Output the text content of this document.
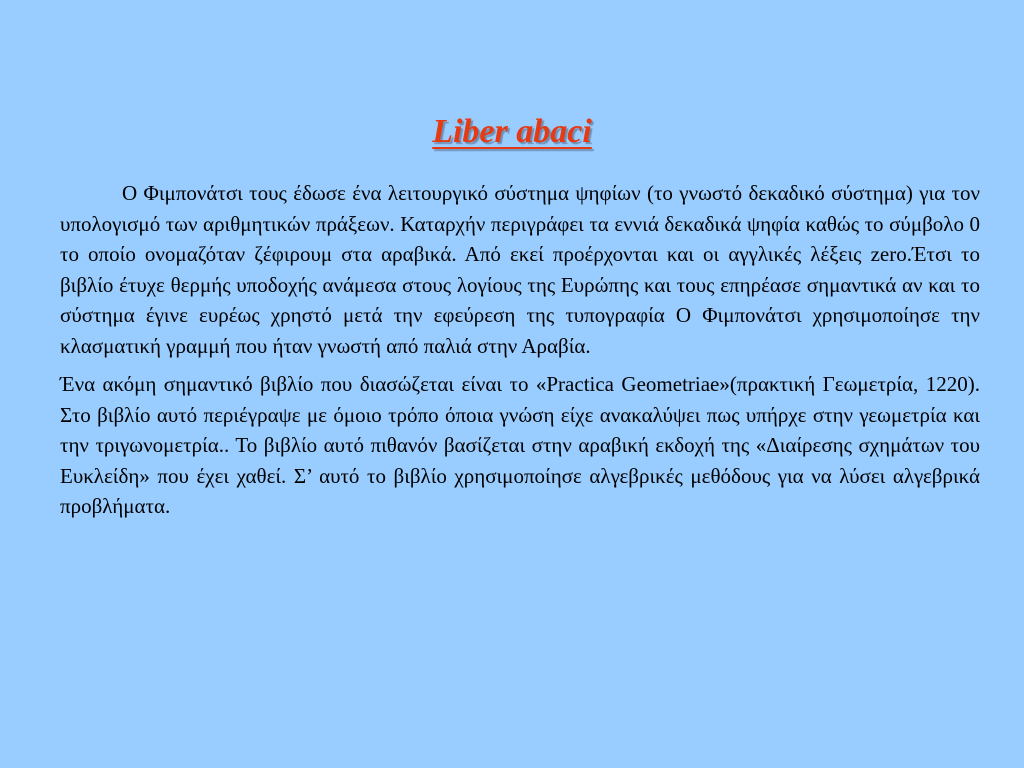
Liber abaci

Ο Φιμπονάτσι τους έδωσε ένα λειτουργικό σύστημα ψηφίων (το γνωστό δεκαδικό σύστημα) για τον υπολογισμό των αριθμητικών πράξεων. Καταρχήν περιγράφει τα εννιά δεκαδικά ψηφία καθώς το σύμβολο 0 το οποίο ονομαζόταν ζέφιρουμ στα αραβικά. Από εκεί προέρχονται και οι αγγλικές λέξεις zero.Έτσι το βιβλίο έτυχε θερμής υποδοχής ανάμεσα στους λογίους της Ευρώπης και τους επηρέασε σημαντικά αν και το σύστημα έγινε ευρέως χρηστό μετά την εφεύρεση της τυπογραφία Ο Φιμπονάτσι χρησιμοποίησε την κλασματική γραμμή που ήταν γνωστή από παλιά στην Αραβία.

Ένα ακόμη σημαντικό βιβλίο που διασώζεται είναι το «Practica Geometriae»(πρακτική Γεωμετρία, 1220). Στο βιβλίο αυτό περιέγραψε με όμοιο τρόπο όποια γνώση είχε ανακαλύψει πως υπήρχε στην γεωμετρία και την τριγωνομετρία.. Το βιβλίο αυτό πιθανόν βασίζεται στην αραβική εκδοχή της «Διαίρεσης σχημάτων του Ευκλείδη» που έχει χαθεί. Σ’ αυτό το βιβλίο χρησιμοποίησε αλγεβρικές μεθόδους για να λύσει αλγεβρικά προβλήματα.
